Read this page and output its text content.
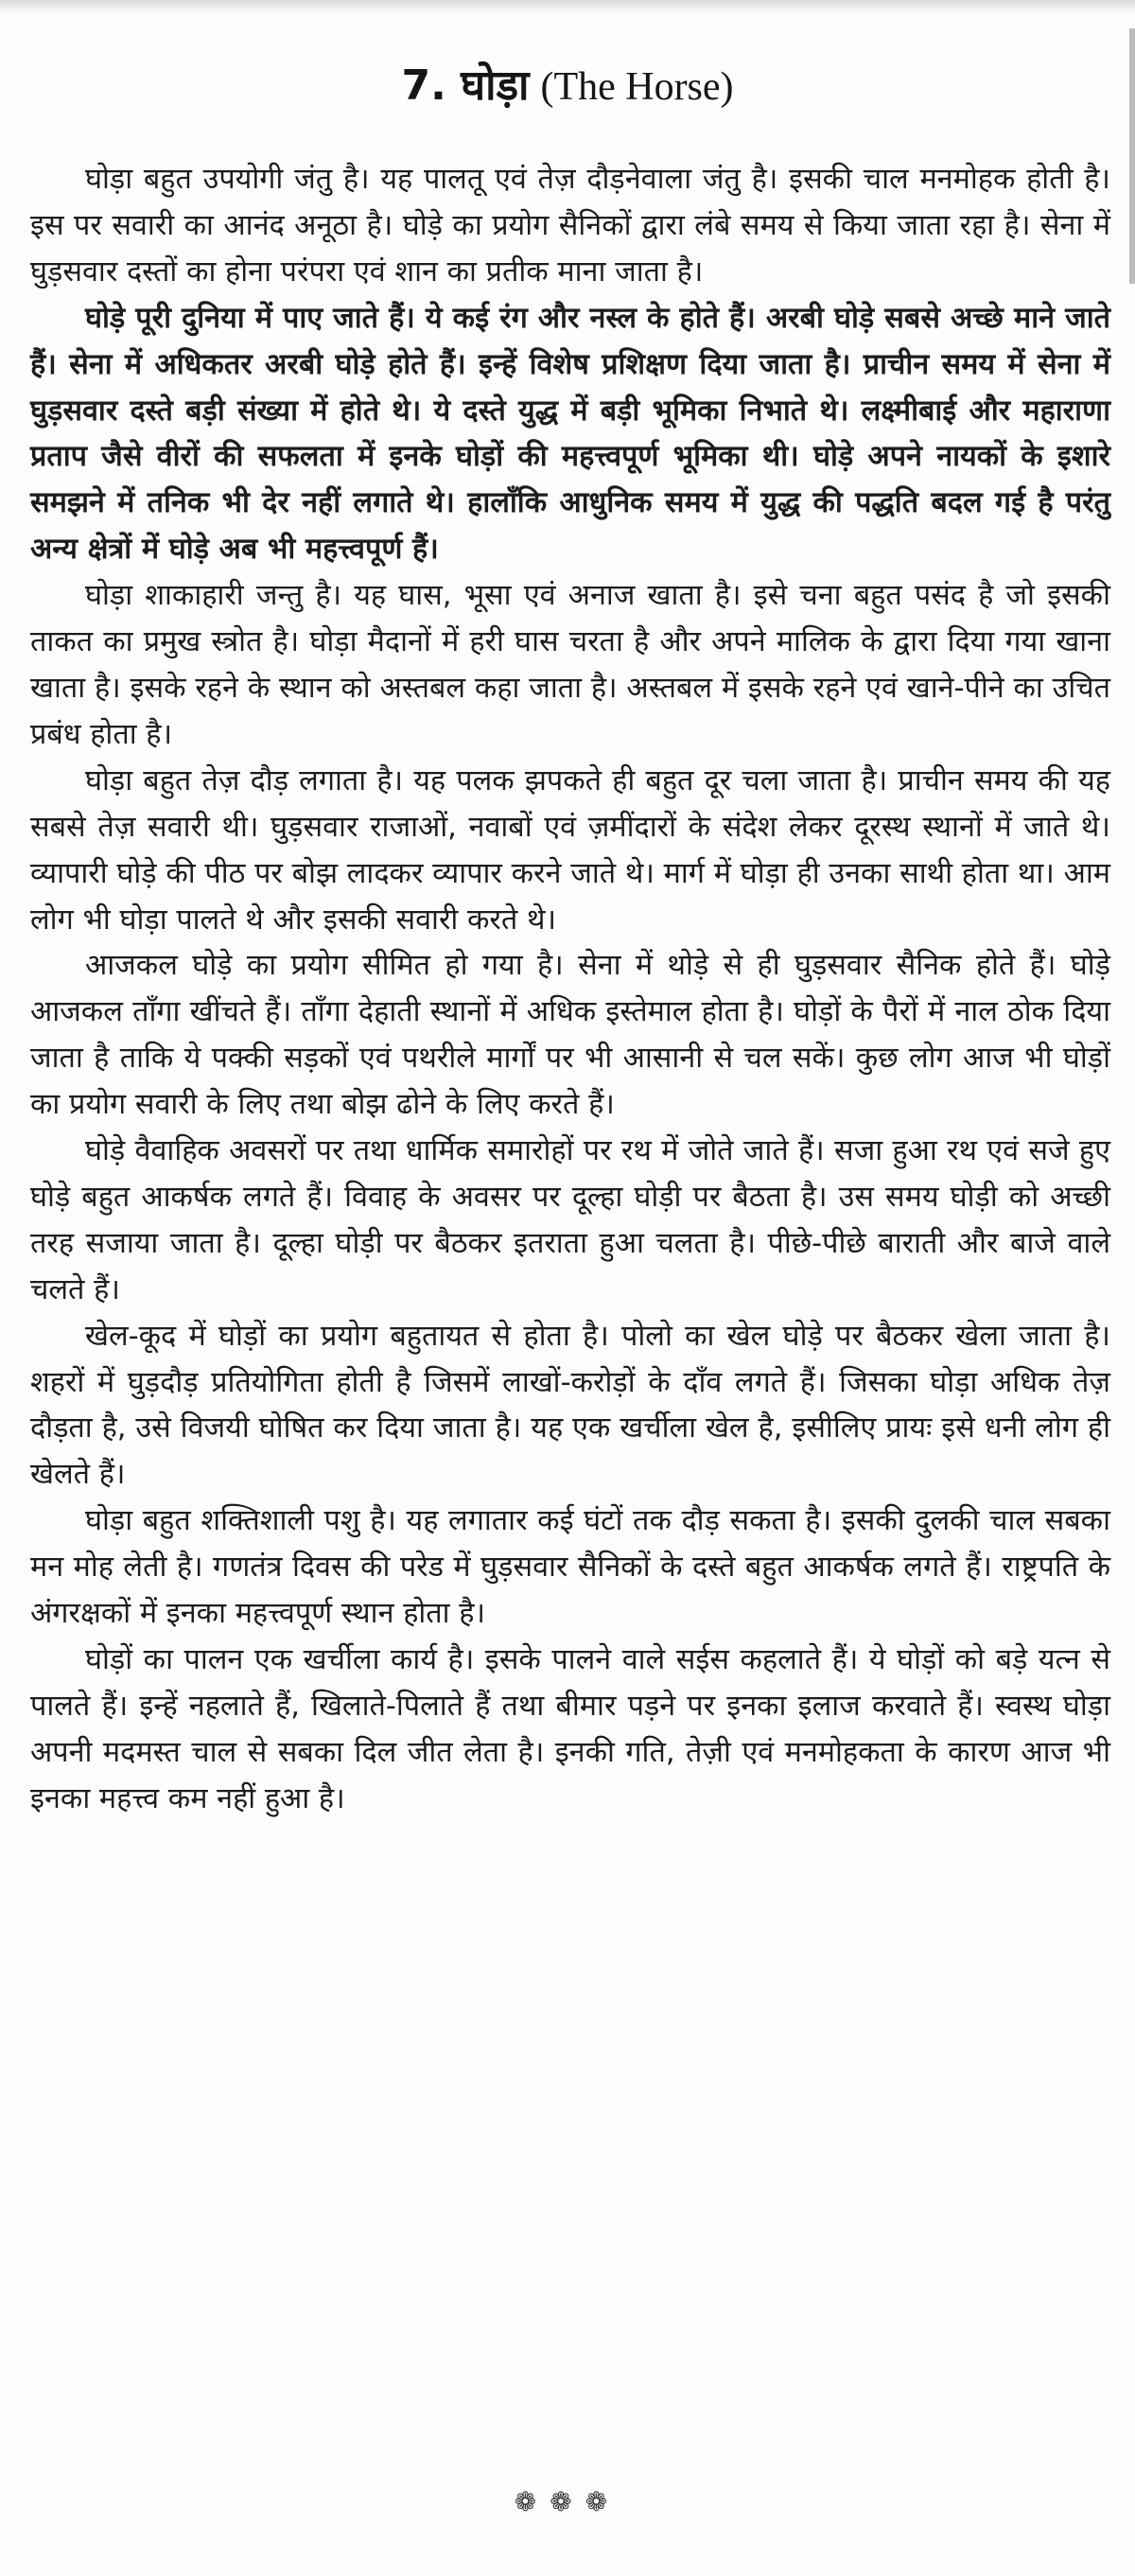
7. घोड़ा (The Horse)

घोड़ा बहुत उपयोगी जंतु है। यह पालतू एवं तेज़ दौड़नेवाला जंतु है। इसकी चाल मनमोहक होती है। इस पर सवारी का आनंद अनूठा है। घोड़े का प्रयोग सैनिकों द्वारा लंबे समय से किया जाता रहा है। सेना में घुड़सवार दस्तों का होना परंपरा एवं शान का प्रतीक माना जाता है।

घोड़े पूरी दुनिया में पाए जाते हैं। ये कई रंग और नस्ल के होते हैं। अरबी घोड़े सबसे अच्छे माने जाते हैं। सेना में अधिकतर अरबी घोड़े होते हैं। इन्हें विशेष प्रशिक्षण दिया जाता है। प्राचीन समय में सेना में घुड़सवार दस्ते बड़ी संख्या में होते थे। ये दस्ते युद्ध में बड़ी भूमिका निभाते थे। लक्ष्मीबाई और महाराणा प्रताप जैसे वीरों की सफलता में इनके घोड़ों की महत्त्वपूर्ण भूमिका थी। घोड़े अपने नायकों के इशारे समझने में तनिक भी देर नहीं लगाते थे। हालाँकि आधुनिक समय में युद्ध की पद्धति बदल गई है परंतु अन्य क्षेत्रों में घोड़े अब भी महत्त्वपूर्ण हैं।

घोड़ा शाकाहारी जन्तु है। यह घास, भूसा एवं अनाज खाता है। इसे चना बहुत पसंद है जो इसकी ताकत का प्रमुख स्त्रोत है। घोड़ा मैदानों में हरी घास चरता है और अपने मालिक के द्वारा दिया गया खाना खाता है। इसके रहने के स्थान को अस्तबल कहा जाता है। अस्तबल में इसके रहने एवं खाने-पीने का उचित प्रबंध होता है।

घोड़ा बहुत तेज़ दौड़ लगाता है। यह पलक झपकते ही बहुत दूर चला जाता है। प्राचीन समय की यह सबसे तेज़ सवारी थी। घुड़सवार राजाओं, नवाबों एवं ज़मींदारों के संदेश लेकर दूरस्थ स्थानों में जाते थे। व्यापारी घोड़े की पीठ पर बोझ लादकर व्यापार करने जाते थे। मार्ग में घोड़ा ही उनका साथी होता था। आम लोग भी घोड़ा पालते थे और इसकी सवारी करते थे।

आजकल घोड़े का प्रयोग सीमित हो गया है। सेना में थोड़े से ही घुड़सवार सैनिक होते हैं। घोड़े आजकल ताँगा खींचते हैं। ताँगा देहाती स्थानों में अधिक इस्तेमाल होता है। घोड़ों के पैरों में नाल ठोक दिया जाता है ताकि ये पक्की सड़कों एवं पथरीले मार्गों पर भी आसानी से चल सकें। कुछ लोग आज भी घोड़ों का प्रयोग सवारी के लिए तथा बोझ ढोने के लिए करते हैं।

घोड़े वैवाहिक अवसरों पर तथा धार्मिक समारोहों पर रथ में जोते जाते हैं। सजा हुआ रथ एवं सजे हुए घोड़े बहुत आकर्षक लगते हैं। विवाह के अवसर पर दूल्हा घोड़ी पर बैठता है। उस समय घोड़ी को अच्छी तरह सजाया जाता है। दूल्हा घोड़ी पर बैठकर इतराता हुआ चलता है। पीछे-पीछे बाराती और बाजे वाले चलते हैं।

खेल-कूद में घोड़ों का प्रयोग बहुतायत से होता है। पोलो का खेल घोड़े पर बैठकर खेला जाता है। शहरों में घुड़दौड़ प्रतियोगिता होती है जिसमें लाखों-करोड़ों के दाँव लगते हैं। जिसका घोड़ा अधिक तेज़ दौड़ता है, उसे विजयी घोषित कर दिया जाता है। यह एक खर्चीला खेल है, इसीलिए प्रायः इसे धनी लोग ही खेलते हैं।

घोड़ा बहुत शक्तिशाली पशु है। यह लगातार कई घंटों तक दौड़ सकता है। इसकी दुलकी चाल सबका मन मोह लेती है। गणतंत्र दिवस की परेड में घुड़सवार सैनिकों के दस्ते बहुत आकर्षक लगते हैं। राष्ट्रपति के अंगरक्षकों में इनका महत्त्वपूर्ण स्थान होता है।

घोड़ों का पालन एक खर्चीला कार्य है। इसके पालने वाले सईस कहलाते हैं। ये घोड़ों को बड़े यत्न से पालते हैं। इन्हें नहलाते हैं, खिलाते-पिलाते हैं तथा बीमार पड़ने पर इनका इलाज करवाते हैं। स्वस्थ घोड़ा अपनी मदमस्त चाल से सबका दिल जीत लेता है। इनकी गति, तेज़ी एवं मनमोहकता के कारण आज भी इनका महत्त्व कम नहीं हुआ है।

❁❁❁
